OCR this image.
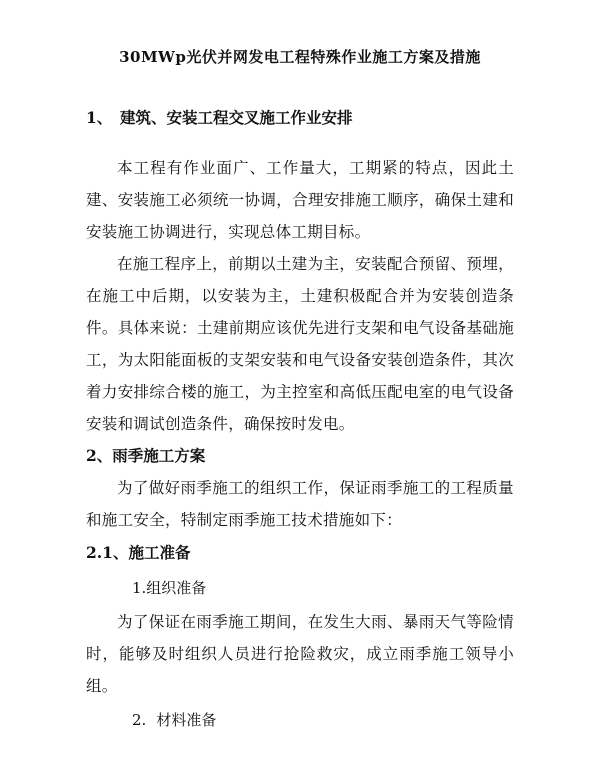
30MWp光伏并网发电工程特殊作业施工方案及措施
1、 建筑、安装工程交叉施工作业安排

本工程有作业面广、工作量大，工期紧的特点，因此土建、安装施工必须统一协调，合理安排施工顺序，确保土建和安装施工协调进行，实现总体工期目标。

在施工程序上，前期以土建为主，安装配合预留、预埋，在施工中后期，以安装为主，土建积极配合并为安装创造条件。具体来说：土建前期应该优先进行支架和电气设备基础施工，为太阳能面板的支架安装和电气设备安装创造条件，其次着力安排综合楼的施工，为主控室和高低压配电室的电气设备安装和调试创造条件，确保按时发电。

2、雨季施工方案

为了做好雨季施工的组织工作，保证雨季施工的工程质量和施工安全，特制定雨季施工技术措施如下：

2.1、施工准备

1.组织准备

为了保证在雨季施工期间，在发生大雨、暴雨天气等险情时，能够及时组织人员进行抢险救灾，成立雨季施工领导小组。

2. 材料准备
